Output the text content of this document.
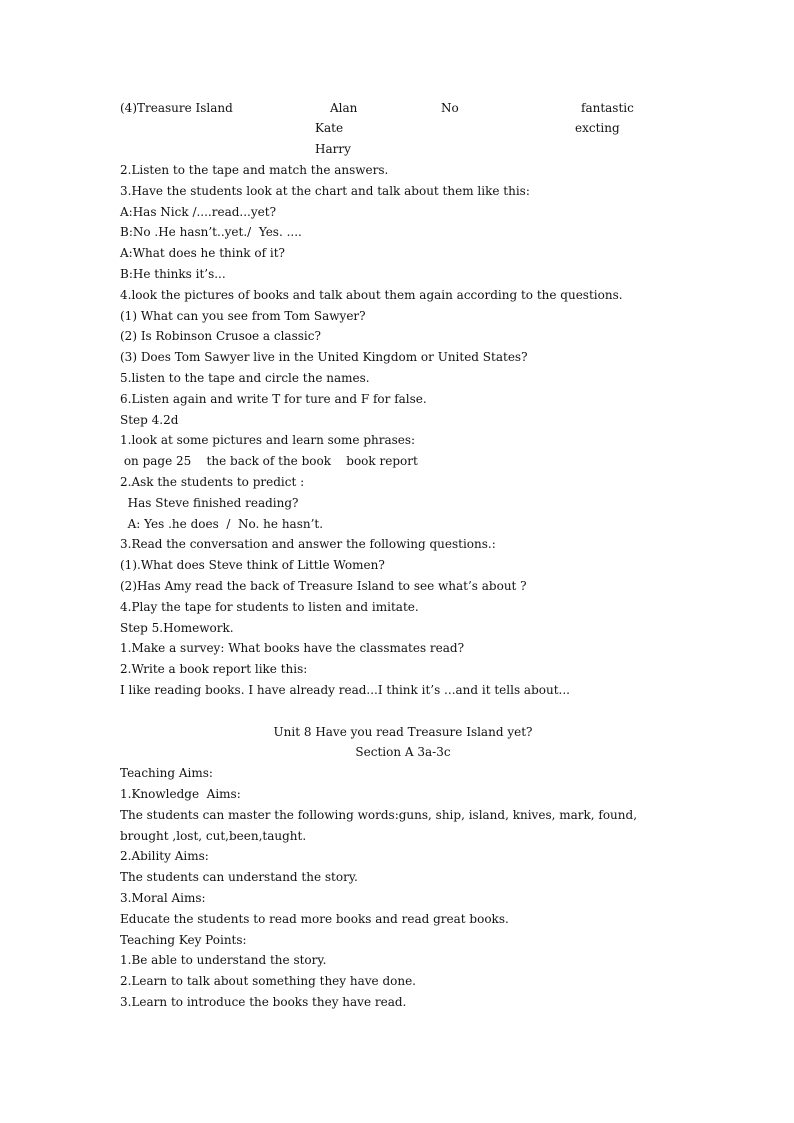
(4)Treasure Island	Alan
Kate
Harry
No	fantastic
excting
2.Listen to the tape and match the answers.
3.Have the students look at the chart and talk about them like this:
A:Has Nick /....read...yet?
B:No .He hasn’t..yet./  Yes. ....
A:What does he think of it?
B:He thinks it’s...
4.look the pictures of books and talk about them again according to the questions.
(1) What can you see from Tom Sawyer?
(2) Is Robinson Crusoe a classic?
(3) Does Tom Sawyer live in the United Kingdom or United States?
5.listen to the tape and circle the names.
6.Listen again and write T for ture and F for false.
Step 4.2d
1.look at some pictures and learn some phrases:
on page 25    the back of the book    book report
2.Ask the students to predict :
Has Steve finished reading?
A: Yes .he does  /  No. he hasn’t.
3.Read the conversation and answer the following questions.:
(1).What does Steve think of Little Women?
(2)Has Amy read the back of Treasure Island to see what’s about ?
4.Play the tape for students to listen and imitate.
Step 5.Homework.
1.Make a survey: What books have the classmates read?
2.Write a book report like this:
I like reading books. I have already read...I think it’s ...and it tells about...
Unit 8 Have you read Treasure Island yet?
Section A 3a-3c
Teaching Aims:
1.Knowledge  Aims:
The students can master the following words:guns, ship, island, knives, mark, found,
brought ,lost, cut,been,taught.
2.Ability Aims:
The students can understand the story.
3.Moral Aims:
Educate the students to read more books and read great books.
Teaching Key Points:
1.Be able to understand the story.
2.Learn to talk about something they have done.
3.Learn to introduce the books they have read.
